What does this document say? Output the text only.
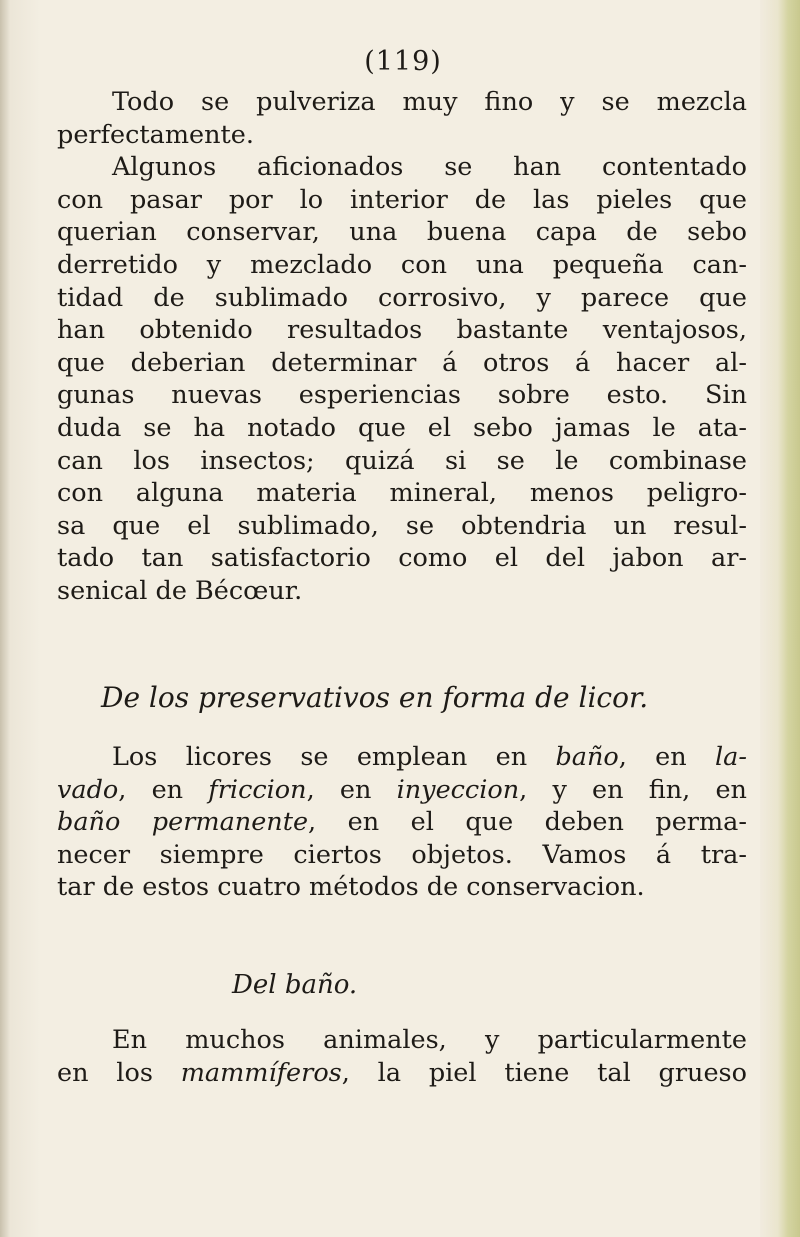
(119)
Todo se pulveriza muy fino y se mezcla
perfectamente.
Algunos aficionados se han contentado
con pasar por lo interior de las pieles que
querian conservar, una buena capa de sebo
derretido y mezclado con una pequeña can-
tidad de sublimado corrosivo, y parece que
han obtenido resultados bastante ventajosos,
que deberian determinar á otros á hacer al-
gunas nuevas esperiencias sobre esto. Sin
duda se ha notado que el sebo jamas le ata-
can los insectos; quizá si se le combinase
con alguna materia mineral, menos peligro-
sa que el sublimado, se obtendria un resul-
tado tan satisfactorio como el del jabon ar-
senical de Bécœur.
De los preservativos en forma de licor.
Los licores se emplean en baño, en la-
vado, en friccion, en inyeccion, y en fin, en
baño permanente, en el que deben perma-
necer siempre ciertos objetos. Vamos á tra-
tar de estos cuatro métodos de conservacion.
Del baño.
En muchos animales, y particularmente
en los mammíferos, la piel tiene tal grueso
